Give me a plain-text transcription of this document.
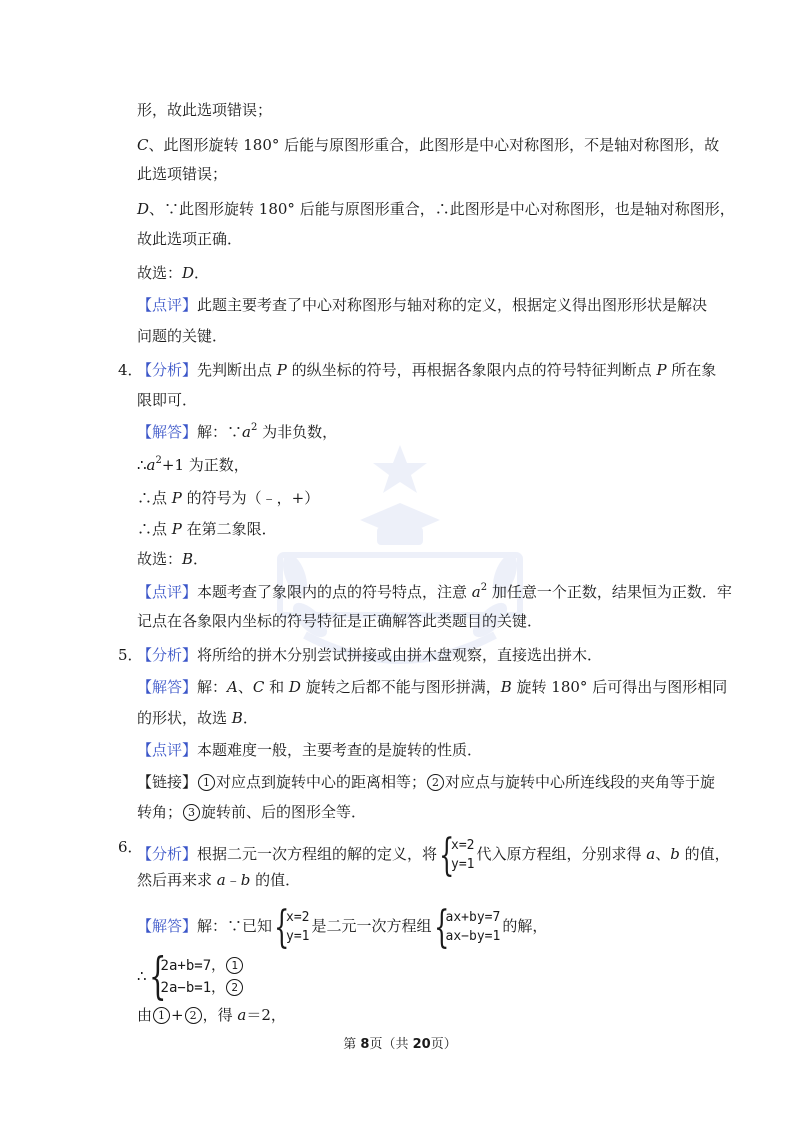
形，故此选项错误；
C、此图形旋转 180° 后能与原图形重合，此图形是中心对称图形，不是轴对称图形，故
此选项错误；
D、∵此图形旋转 180° 后能与原图形重合，∴此图形是中心对称图形，也是轴对称图形，
故此选项正确．
故选：D．
【点评】此题主要考查了中心对称图形与轴对称的定义，根据定义得出图形形状是解决
问题的关键．
4．
【分析】先判断出点 P 的纵坐标的符号，再根据各象限内点的符号特征判断点 P 所在象
限即可．
【解答】解：$\because a^2$ 为非负数，
$\therefore a^2+1$ 为正数，
∴点 P 的符号为（﹣，+）
∴点 P 在第二象限．
故选：B．
【点评】本题考查了象限内的点的符号特点，注意 $a^2$ 加任意一个正数，结果恒为正数．牢
记点在各象限内坐标的符号特征是正确解答此类题目的关键．
5．
【分析】将所给的拼木分别尝试拼接或由拼木盘观察，直接选出拼木．
【解答】解：A、C 和 D 旋转之后都不能与图形拼满，B 旋转 180° 后可得出与图形相同
的形状，故选 B．
【点评】本题难度一般，主要考查的是旋转的性质．
【链接】 1 对应点到旋转中心的距离相等； 2 对应点与旋转中心所连线段的夹角等于旋
转角； 3 旋转前、后的图形全等．
6．
【分析】根据二元一次方程组的解的定义，将 {
x=2
y=1
代入原方程组，分别求得 a、b 的值，
然后再来求 a﹣b 的值．
【解答】解：∵已知 {
x=2
y=1
是二元一次方程组 {
ax+by=7
ax−by=1
的解，
∴ {
2a+b=7， 1
2a−b=1， 2
由 1 + 2 ，得 a＝2，
第 8页（共 20页）
